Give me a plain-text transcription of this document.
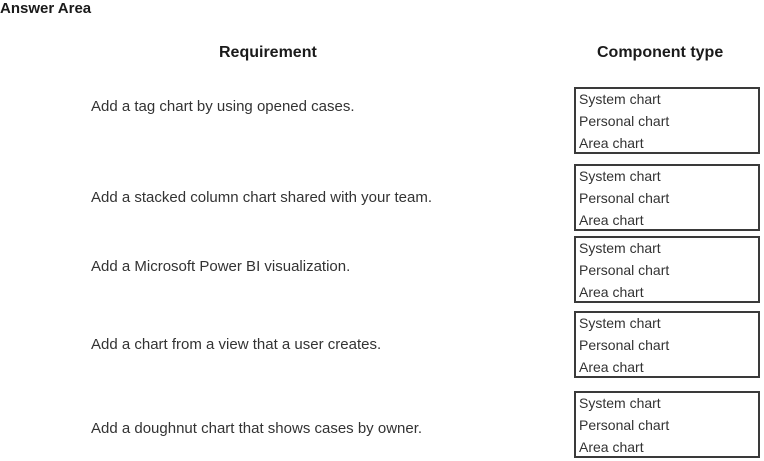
Answer Area
Requirement	Component type
Add a tag chart by using opened cases.	System chart
Personal chart
Area chart
Add a stacked column chart shared with your team.
System chart
Personal chart
Area chart
Add a Microsoft Power BI visualization.
System chart
Personal chart
Area chart
Add a chart from a view that a user creates.
System chart
Personal chart
Area chart
Add a doughnut chart that shows cases by owner.
System chart
Personal chart
Area chart
